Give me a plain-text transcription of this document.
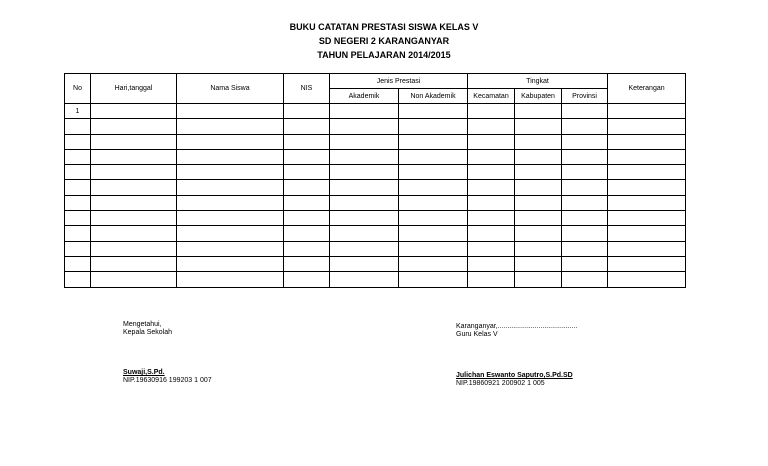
BUKU CATATAN PRESTASI SISWA KELAS V
SD NEGERI 2 KARANGANYAR
TAHUN PELAJARAN 2014/2015
No	Hari,tanggal	Nama Siswa	NIS	Jenis Prestasi		Tingkat			Keterangan
				Akademik	Non Akademik	Kecamatan	Kabupaten	Provinsi	
1									

Mengetahui,
Kepala Sekolah
Suwaji,S.Pd.
NIP.19630916 199203 1 007
Karanganyar,.........................................
Guru Kelas V
Julichan Eswanto Saputro,S.Pd.SD
NIP.19860921 200902 1 005
